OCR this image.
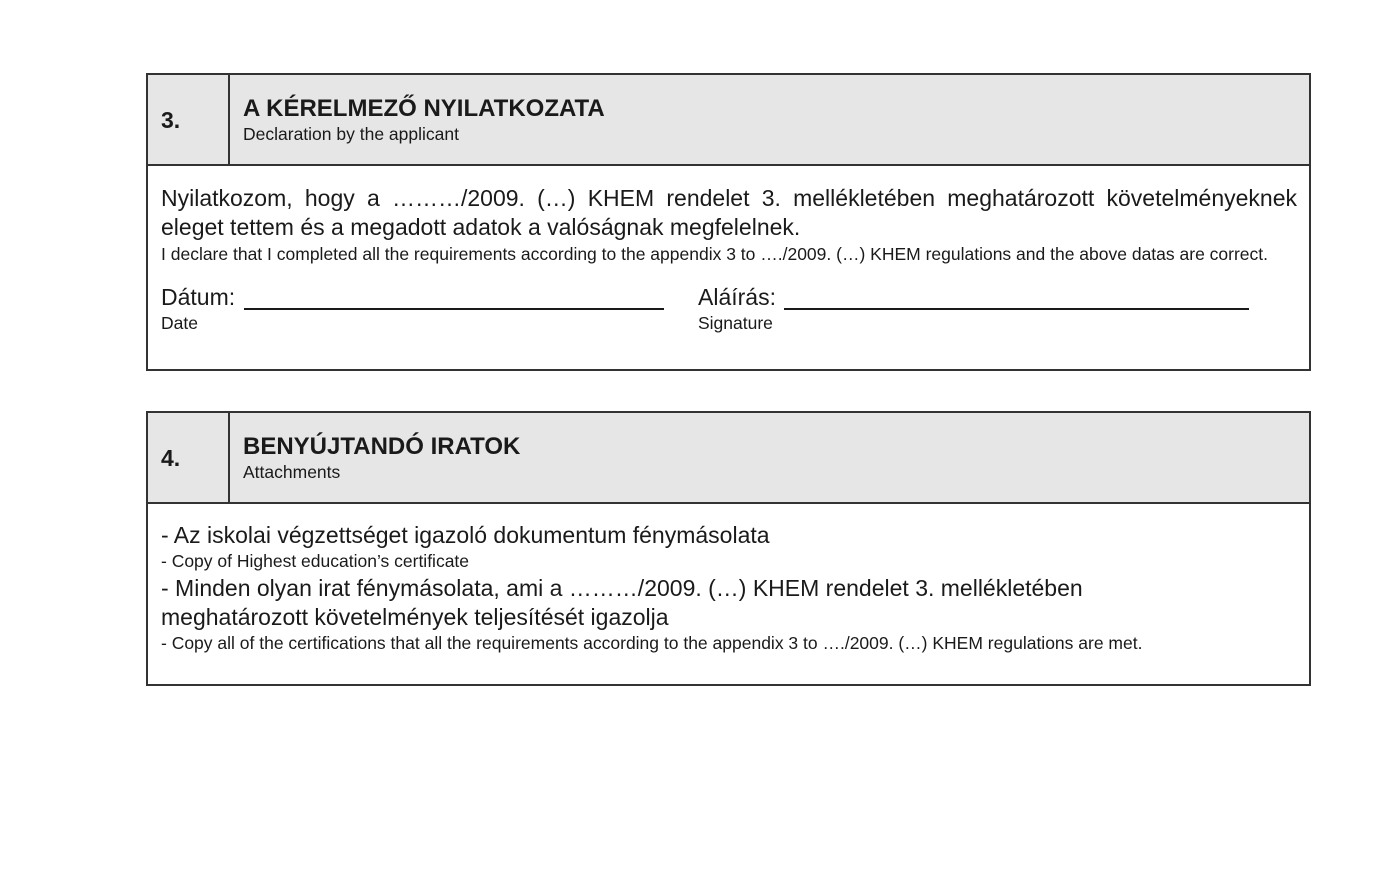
3.	A KÉRELMEZŐ NYILATKOZATA
Declaration by the applicant
Nyilatkozom, hogy a ………/2009. (…) KHEM rendelet 3. mellékletében meghatározott követelményeknek eleget tettem és a megadott adatok a valóságnak megfelelnek.
I declare that I completed all the requirements according to the appendix 3 to …./2009. (…) KHEM regulations and the above datas are correct.
Dátum:
Date
Aláírás:
Signature
4.	BENYÚJTANDÓ IRATOK
Attachments
- Az iskolai végzettséget igazoló dokumentum fénymásolata
- Copy of Highest education’s certificate
- Minden olyan irat fénymásolata, ami a ………/2009. (…) KHEM rendelet 3. mellékletében meghatározott követelmények teljesítését igazolja
- Copy all of the certifications that all the requirements according to the appendix 3 to …./2009. (…) KHEM regulations are met.
